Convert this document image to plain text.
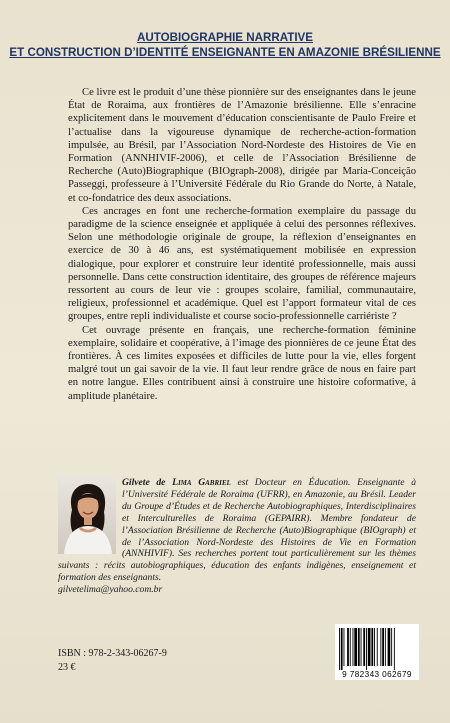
AUTOBIOGRAPHIE NARRATIVE
ET CONSTRUCTION D’IDENTITÉ ENSEIGNANTE EN AMAZONIE BRÉSILIENNE

Ce livre est le produit d’une thèse pionnière sur des enseignantes dans le jeune État de Roraima, aux frontières de l’Amazonie brésilienne. Elle s’enracine explicitement dans le mouvement d’éducation conscientisante de Paulo Freire et l’actualise dans la vigoureuse dynamique de recherche-action-formation impulsée, au Brésil, par l’Association Nord-Nordeste des Histoires de Vie en Formation (ANNHIVIF-2006), et celle de l’Association Brésilienne de Recherche (Auto)Biographique (BIOgraph-2008), dirigée par Maria-Conceição Passeggi, professeure à l’Université Fédérale du Rio Grande do Norte, à Natale, et co-fondatrice des deux associations.

Ces ancrages en font une recherche-formation exemplaire du passage du paradigme de la science enseignée et appliquée à celui des personnes réflexives. Selon une méthodologie originale de groupe, la réflexion d’enseignantes en exercice de 30 à 46 ans, est systématiquement mobilisée en expression dialogique, pour explorer et construire leur identité professionnelle, mais aussi personnelle. Dans cette construction identitaire, des groupes de référence majeurs ressortent au cours de leur vie : groupes scolaire, familial, communautaire, religieux, professionnel et académique. Quel est l’apport formateur vital de ces groupes, entre repli individualiste et course socio-professionnelle carriériste ?

Cet ouvrage présente en français, une recherche-formation féminine exemplaire, solidaire et coopérative, à l’image des pionnières de ce jeune État des frontières. À ces limites exposées et difficiles de lutte pour la vie, elles forgent malgré tout un gai savoir de la vie. Il faut leur rendre grâce de nous en faire part en notre langue. Elles contribuent ainsi à construire une histoire coformative, à amplitude planétaire.

Gilvete de Lima Gabriel est Docteur en Éducation. Enseignante à l’Université Fédérale de Roraima (UFRR), en Amazonie, au Brésil. Leader du Groupe d’Études et de Recherche Autobiographiques, Interdisciplinaires et Interculturelles de Roraima (GEPAIRR). Membre fondateur de l’Association Brésilienne de Recherche (Auto)Biographique (BIOgraph) et de l’Association Nord-Nordeste des Histoires de Vie en Formation (ANNHIVIF). Ses recherches portent tout particulièrement sur les thèmes suivants : récits autobiographiques, éducation des enfants indigènes, enseignement et formation des enseignants.
gilvetelima@yahoo.com.br
ISBN : 978-2-343-06267-9
23 €
9 782343 062679
